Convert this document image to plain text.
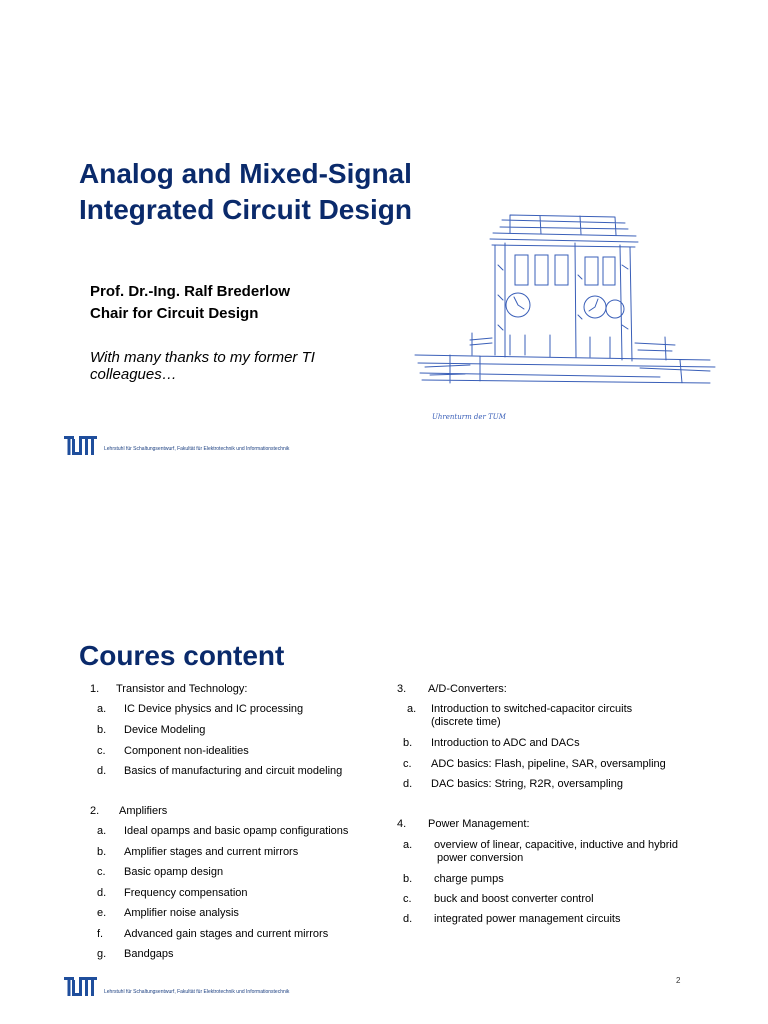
Analog and Mixed-Signal
Integrated Circuit Design
Prof. Dr.-Ing. Ralf Brederlow
Chair for Circuit Design
With many thanks to my former TI
colleagues…
Uhrenturm der TUM
Lehrstuhl für Schaltungsentwurf, Fakultät für Elektrotechnik und Informationstechnik
Coures content
1. Transistor and Technology:
a. IC Device physics and IC processing
b. Device Modeling
c. Component non-idealities
d. Basics of manufacturing and circuit modeling
2. Amplifiers
a. Ideal opamps and basic opamp configurations
b. Amplifier stages and current mirrors
c. Basic opamp design
d. Frequency compensation
e. Amplifier noise analysis
f. Advanced gain stages and current mirrors
g. Bandgaps
3. A/D-Converters:
a. Introduction to switched-capacitor circuits
(discrete time)
b. Introduction to ADC and DACs
c. ADC basics: Flash, pipeline, SAR, oversampling
d. DAC basics: String, R2R, oversampling
4. Power Management:
a. overview of linear, capacitive, inductive and hybrid
power conversion
b. charge pumps
c. buck and boost converter control
d. integrated power management circuits
2
Lehrstuhl für Schaltungsentwurf, Fakultät für Elektrotechnik und Informationstechnik
